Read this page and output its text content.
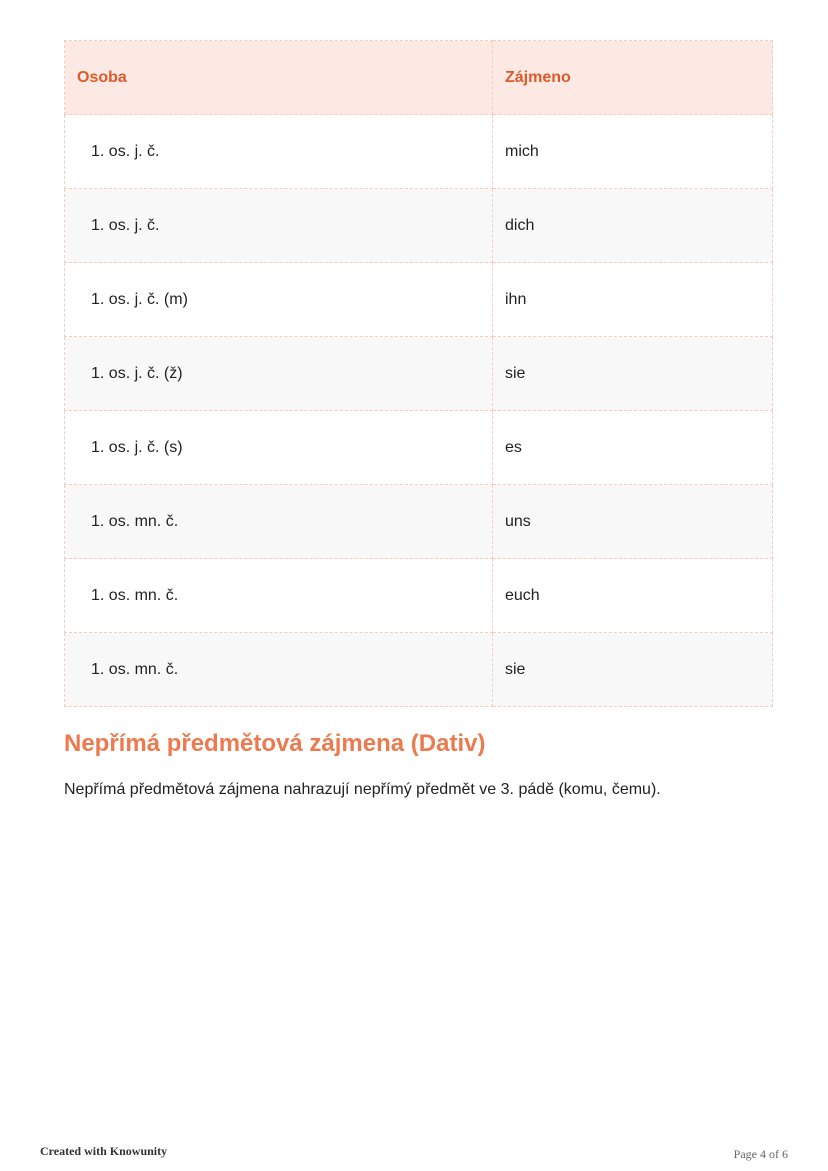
Osoba	Zájmeno
1. os. j. č.	mich
1. os. j. č.	dich
1. os. j. č. (m)	ihn
1. os. j. č. (ž)	sie
1. os. j. č. (s)	es
1. os. mn. č.	uns
1. os. mn. č.	euch
1. os. mn. č.	sie
Nepřímá předmětová zájmena (Dativ)

Nepřímá předmětová zájmena nahrazují nepřímý předmět ve 3. pádě (komu, čemu).

Created with Knowunity	Page 4 of 6
